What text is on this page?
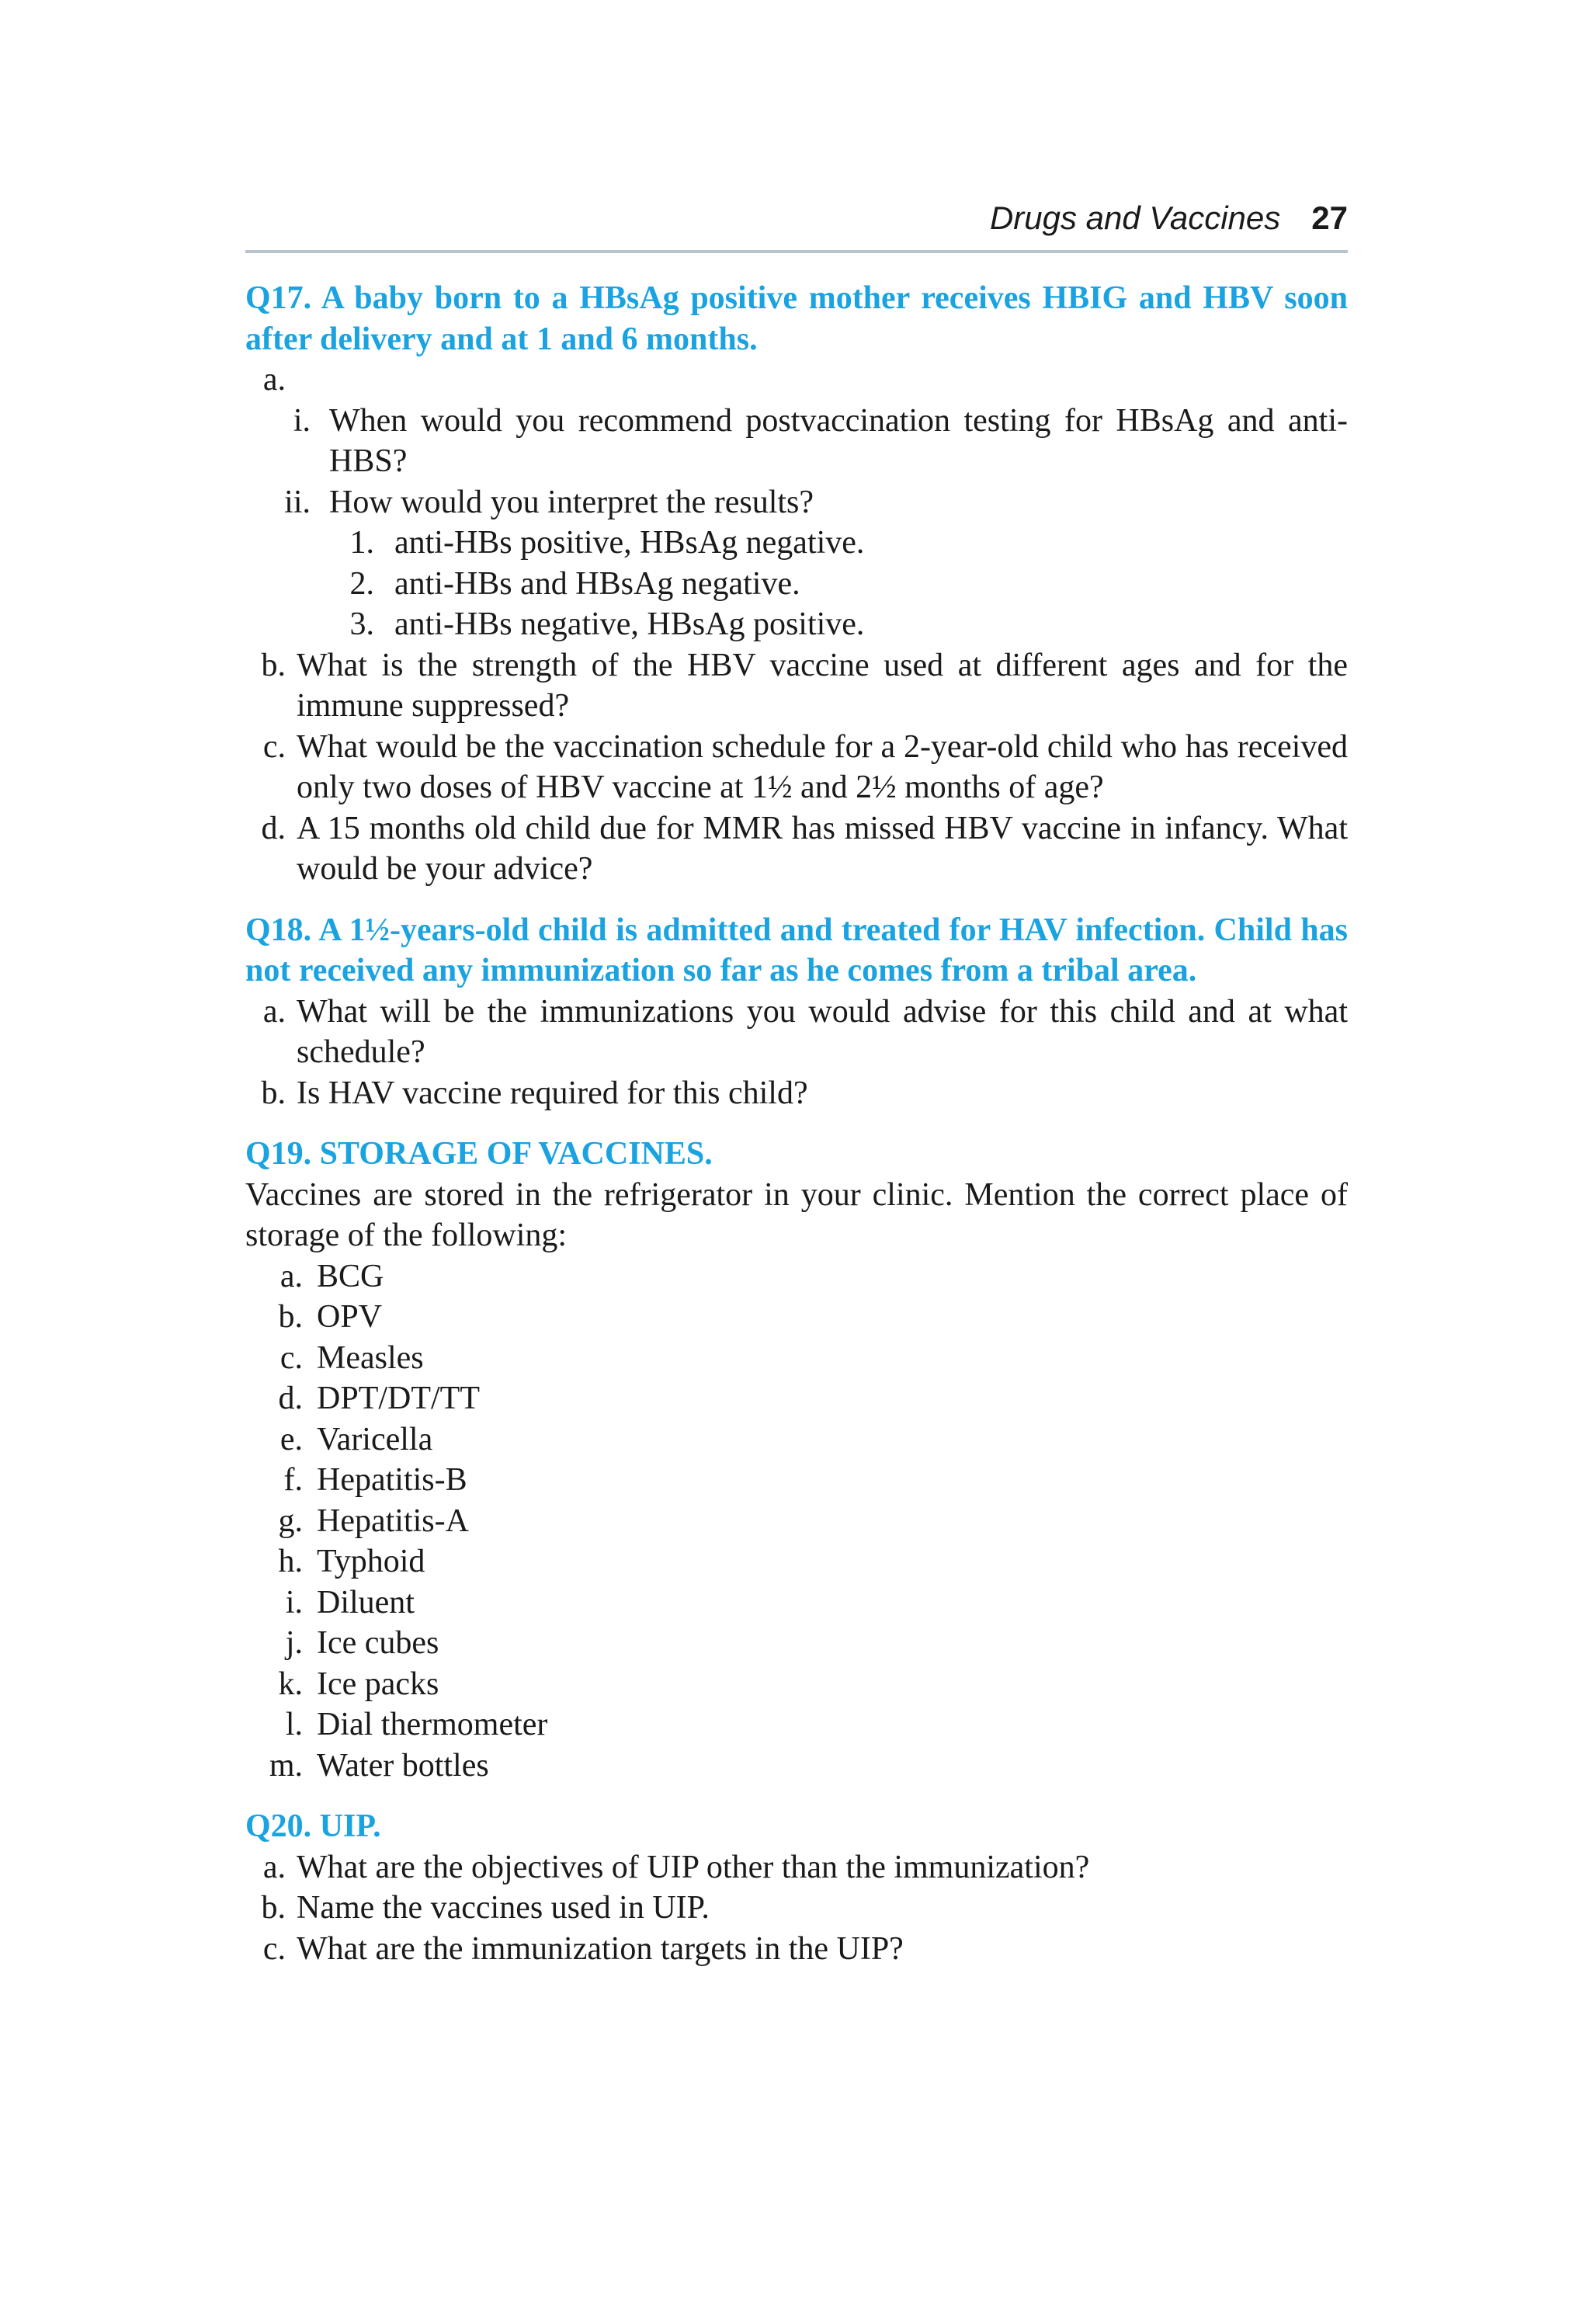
Drugs and Vaccines 27

Q17. A baby born to a HBsAg positive mother receives HBIG and HBV soon after delivery and at 1 and 6 months.

a.
i. When would you recommend postvaccination testing for HBsAg and anti-HBS?
ii. How would you interpret the results?
1. anti-HBs positive, HBsAg negative.
2. anti-HBs and HBsAg negative.
3. anti-HBs negative, HBsAg positive.
b. What is the strength of the HBV vaccine used at different ages and for the immune suppressed?
c. What would be the vaccination schedule for a 2-year-old child who has received only two doses of HBV vaccine at 1½ and 2½ months of age?
d. A 15 months old child due for MMR has missed HBV vaccine in infancy. What would be your advice?

Q18. A 1½-years-old child is admitted and treated for HAV infection. Child has not received any immunization so far as he comes from a tribal area.

a. What will be the immunizations you would advise for this child and at what schedule?
b. Is HAV vaccine required for this child?

Q19. STORAGE OF VACCINES.

Vaccines are stored in the refrigerator in your clinic. Mention the correct place of storage of the following:

a. BCG
b. OPV
c. Measles
d. DPT/DT/TT
e. Varicella
f. Hepatitis-B
g. Hepatitis-A
h. Typhoid
i. Diluent
j. Ice cubes
k. Ice packs
l. Dial thermometer
m. Water bottles

Q20. UIP.

a. What are the objectives of UIP other than the immunization?
b. Name the vaccines used in UIP.
c. What are the immunization targets in the UIP?
